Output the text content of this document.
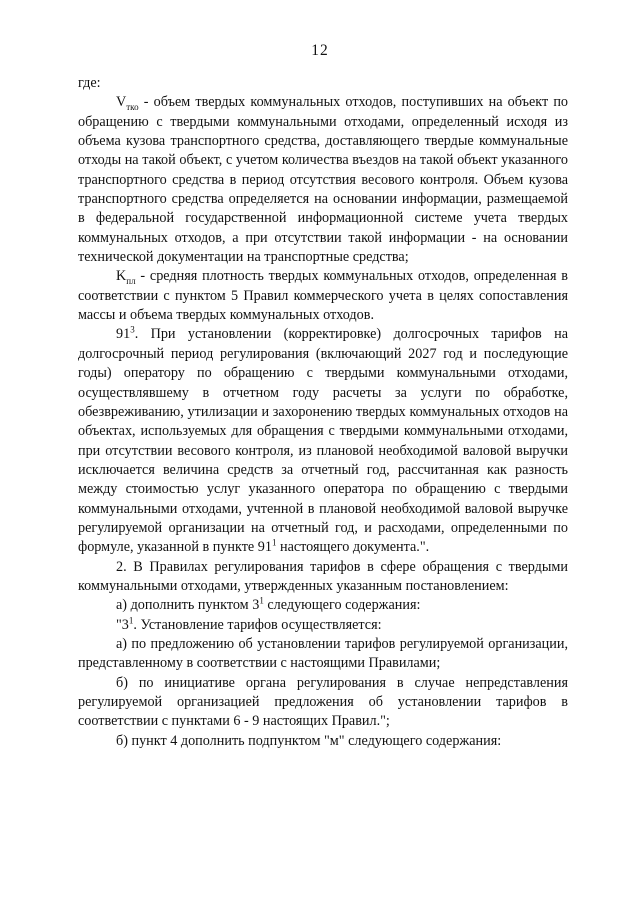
12

где:

$V_{тко}$ - объем твердых коммунальных отходов, поступивших на объект по обращению с твердыми коммунальными отходами, определенный исходя из объема кузова транспортного средства, доставляющего твердые коммунальные отходы на такой объект, с учетом количества въездов на такой объект указанного транспортного средства в период отсутствия весового контроля. Объем кузова транспортного средства определяется на основании информации, размещаемой в федеральной государственной информационной системе учета твердых коммунальных отходов, а при отсутствии такой информации - на основании технической документации на транспортные средства;

$K_{пл}$ - средняя плотность твердых коммунальных отходов, определенная в соответствии с пунктом 5 Правил коммерческого учета в целях сопоставления массы и объема твердых коммунальных отходов.

$91^3$. При установлении (корректировке) долгосрочных тарифов на долгосрочный период регулирования (включающий 2027 год и последующие годы) оператору по обращению с твердыми коммунальными отходами, осуществлявшему в отчетном году расчеты за услуги по обработке, обезвреживанию, утилизации и захоронению твердых коммунальных отходов на объектах, используемых для обращения с твердыми коммунальными отходами, при отсутствии весового контроля, из плановой необходимой валовой выручки исключается величина средств за отчетный год, рассчитанная как разность между стоимостью услуг указанного оператора по обращению с твердыми коммунальными отходами, учтенной в плановой необходимой валовой выручке регулируемой организации на отчетный год, и расходами, определенными по формуле, указанной в пункте $91^1$ настоящего документа.".

2. В Правилах регулирования тарифов в сфере обращения с твердыми коммунальными отходами, утвержденных указанным постановлением:

а) дополнить пунктом $3^1$ следующего содержания:

"$3^1$. Установление тарифов осуществляется:

а) по предложению об установлении тарифов регулируемой организации, представленному в соответствии с настоящими Правилами;

б) по инициативе органа регулирования в случае непредставления регулируемой организацией предложения об установлении тарифов в соответствии с пунктами 6 - 9 настоящих Правил.";

б) пункт 4 дополнить подпунктом "м" следующего содержания:
